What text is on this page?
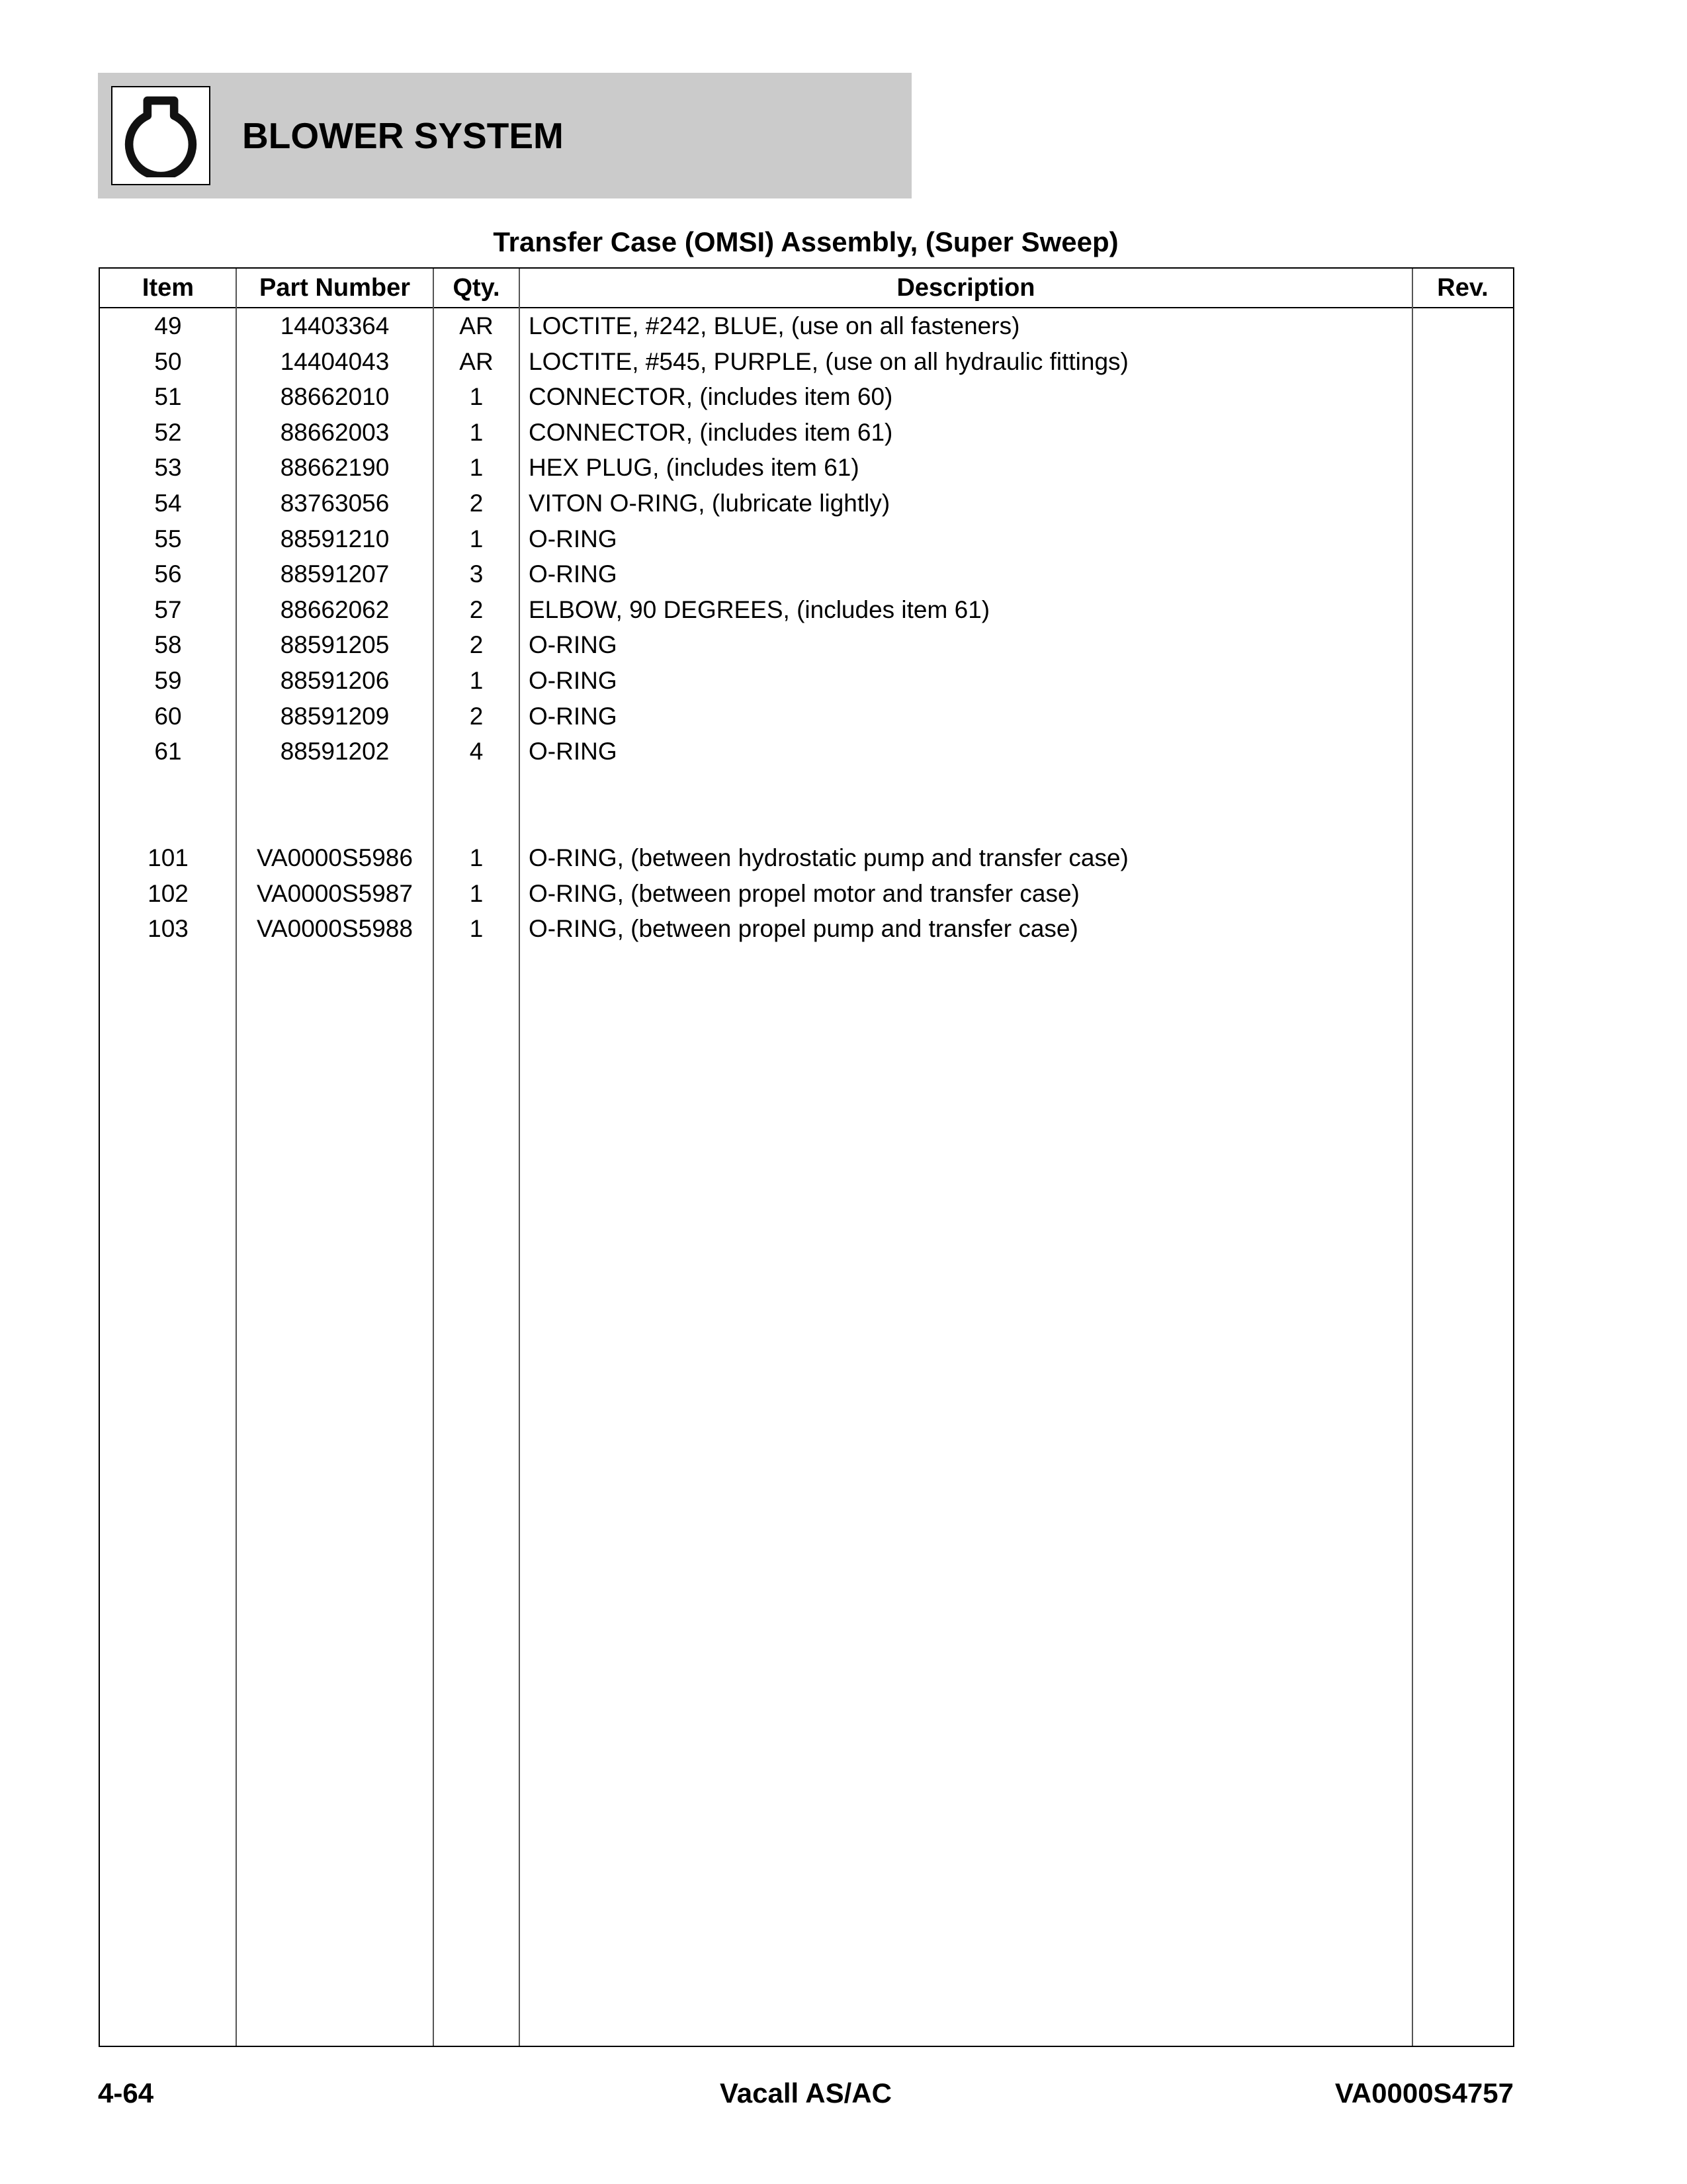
BLOWER SYSTEM
Transfer Case (OMSI) Assembly, (Super Sweep)
Item	Part Number	Qty.	Description	Rev.
49	14403364	AR	LOCTITE, #242, BLUE, (use on all fasteners)
50	14404043	AR	LOCTITE, #545, PURPLE, (use on all hydraulic fittings)
51	88662010	1	CONNECTOR, (includes item 60)
52	88662003	1	CONNECTOR, (includes item 61)
53	88662190	1	HEX PLUG, (includes item 61)
54	83763056	2	VITON O-RING, (lubricate lightly)
55	88591210	1	O-RING
56	88591207	3	O-RING
57	88662062	2	ELBOW, 90 DEGREES, (includes item 61)
58	88591205	2	O-RING
59	88591206	1	O-RING
60	88591209	2	O-RING
61	88591202	4	O-RING
101	VA0000S5986	1	O-RING, (between hydrostatic pump and transfer case)
102	VA0000S5987	1	O-RING, (between propel motor and transfer case)
103	VA0000S5988	1	O-RING, (between propel pump and transfer case)
4-64	Vacall AS/AC	VA0000S4757
